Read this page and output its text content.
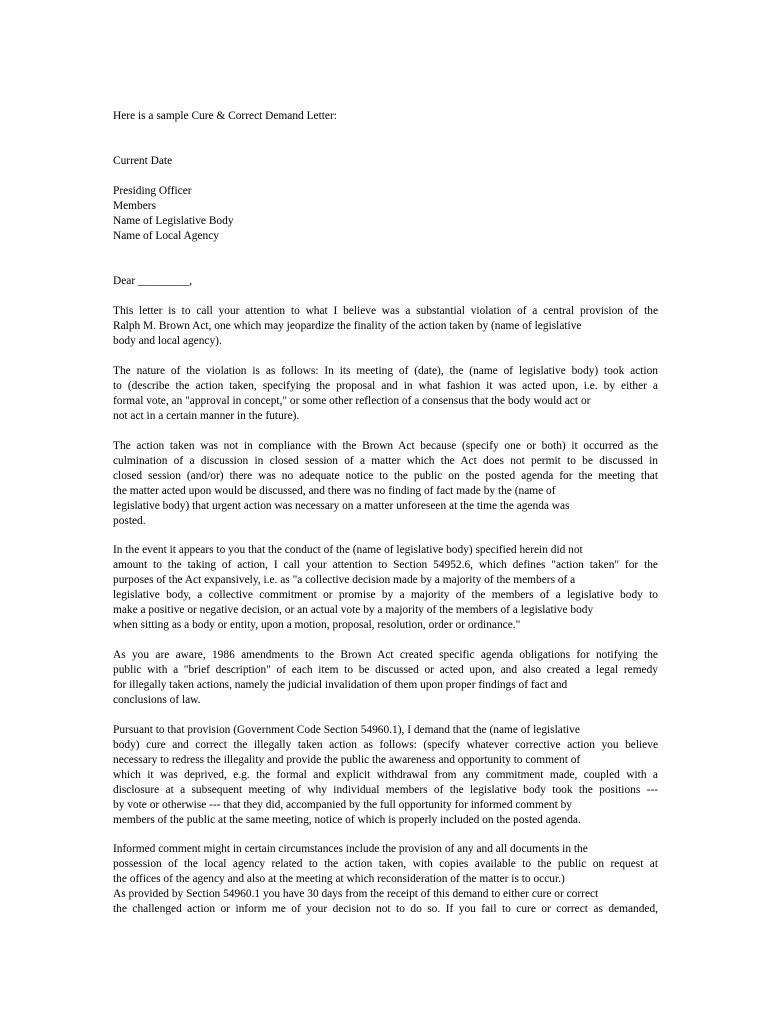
Here is a sample Cure & Correct Demand Letter:
Current Date
Presiding Officer
Members
Name of Legislative Body
Name of Local Agency
Dear _________,
This letter is to call your attention to what I believe was a substantial violation of a central provision of the
Ralph M. Brown Act, one which may jeopardize the finality of the action taken by (name of legislative
body and local agency).
The nature of the violation is as follows: In its meeting of (date), the (name of legislative body) took action
to (describe the action taken, specifying the proposal and in what fashion it was acted upon, i.e. by either a
formal vote, an "approval in concept," or some other reflection of a consensus that the body would act or
not act in a certain manner in the future).
The action taken was not in compliance with the Brown Act because (specify one or both) it occurred as the
culmination of a discussion in closed session of a matter which the Act does not permit to be discussed in
closed session (and/or) there was no adequate notice to the public on the posted agenda for the meeting that
the matter acted upon would be discussed, and there was no finding of fact made by the (name of
legislative body) that urgent action was necessary on a matter unforeseen at the time the agenda was
posted.
In the event it appears to you that the conduct of the (name of legislative body) specified herein did not
amount to the taking of action, I call your attention to Section 54952.6, which defines "action taken" for the
purposes of the Act expansively, i.e. as "a collective decision made by a majority of the members of a
legislative body, a collective commitment or promise by a majority of the members of a legislative body to
make a positive or negative decision, or an actual vote by a majority of the members of a legislative body
when sitting as a body or entity, upon a motion, proposal, resolution, order or ordinance."
As you are aware, 1986 amendments to the Brown Act created specific agenda obligations for notifying the
public with a "brief description" of each item to be discussed or acted upon, and also created a legal remedy
for illegally taken actions, namely the judicial invalidation of them upon proper findings of fact and
conclusions of law.
Pursuant to that provision (Government Code Section 54960.1), I demand that the (name of legislative
body) cure and correct the illegally taken action as follows: (specify whatever corrective action you believe
necessary to redress the illegality and provide the public the awareness and opportunity to comment of
which it was deprived, e.g. the formal and explicit withdrawal from any commitment made, coupled with a
disclosure at a subsequent meeting of why individual members of the legislative body took the positions ---
by vote or otherwise --- that they did, accompanied by the full opportunity for informed comment by
members of the public at the same meeting, notice of which is properly included on the posted agenda.
Informed comment might in certain circumstances include the provision of any and all documents in the
possession of the local agency related to the action taken, with copies available to the public on request at
the offices of the agency and also at the meeting at which reconsideration of the matter is to occur.)
As provided by Section 54960.1 you have 30 days from the receipt of this demand to either cure or correct
the challenged action or inform me of your decision not to do so. If you fail to cure or correct as demanded,
